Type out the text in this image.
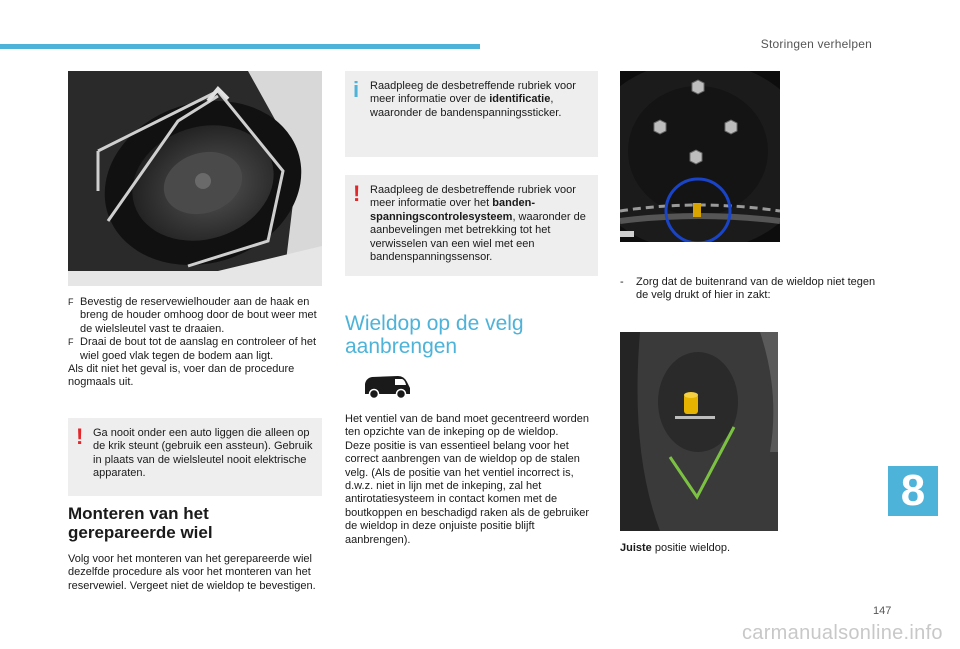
Storingen verhelpen

F Bevestig de reservewielhouder aan de haak en breng de houder omhoog door de bout weer met de wielsleutel vast te draaien.

F Draai de bout tot de aanslag en controleer of het wiel goed vlak tegen de bodem aan ligt.

Als dit niet het geval is, voer dan de procedure nogmaals uit.

! Ga nooit onder een auto liggen die alleen op de krik steunt (gebruik een assteun). Gebruik in plaats van de wielsleutel nooit elektrische apparaten.
Monteren van het
gerepareerde wiel
Volg voor het monteren van het gerepareerde wiel dezelfde procedure als voor het monteren van het reservewiel. Vergeet niet de wieldop te bevestigen.
i Raadpleeg de desbetreffende rubriek voor meer informatie over de identificatie, waaronder de bandenspanningssticker.
! Raadpleeg de desbetreffende rubriek voor meer informatie over het banden-spanningscontrolesysteem, waaronder de aanbevelingen met betrekking tot het verwisselen van een wiel met een bandenspanningssensor.
Wieldop op de velg
aanbrengen
Het ventiel van de band moet gecentreerd worden ten opzichte van de inkeping op de wieldop.
Deze positie is van essentieel belang voor het correct aanbrengen van de wieldop op de stalen velg. (Als de positie van het ventiel incorrect is, d.w.z. niet in lijn met de inkeping, zal het antirotatiesysteem in contact komen met de boutkoppen en beschadigd raken als de gebruiker de wieldop in deze onjuiste positie blijft aanbrengen).
- Zorg dat de buitenrand van de wieldop niet tegen de velg drukt of hier in zakt:
Juiste positie wieldop.
8
147
carmanualsonline.info
